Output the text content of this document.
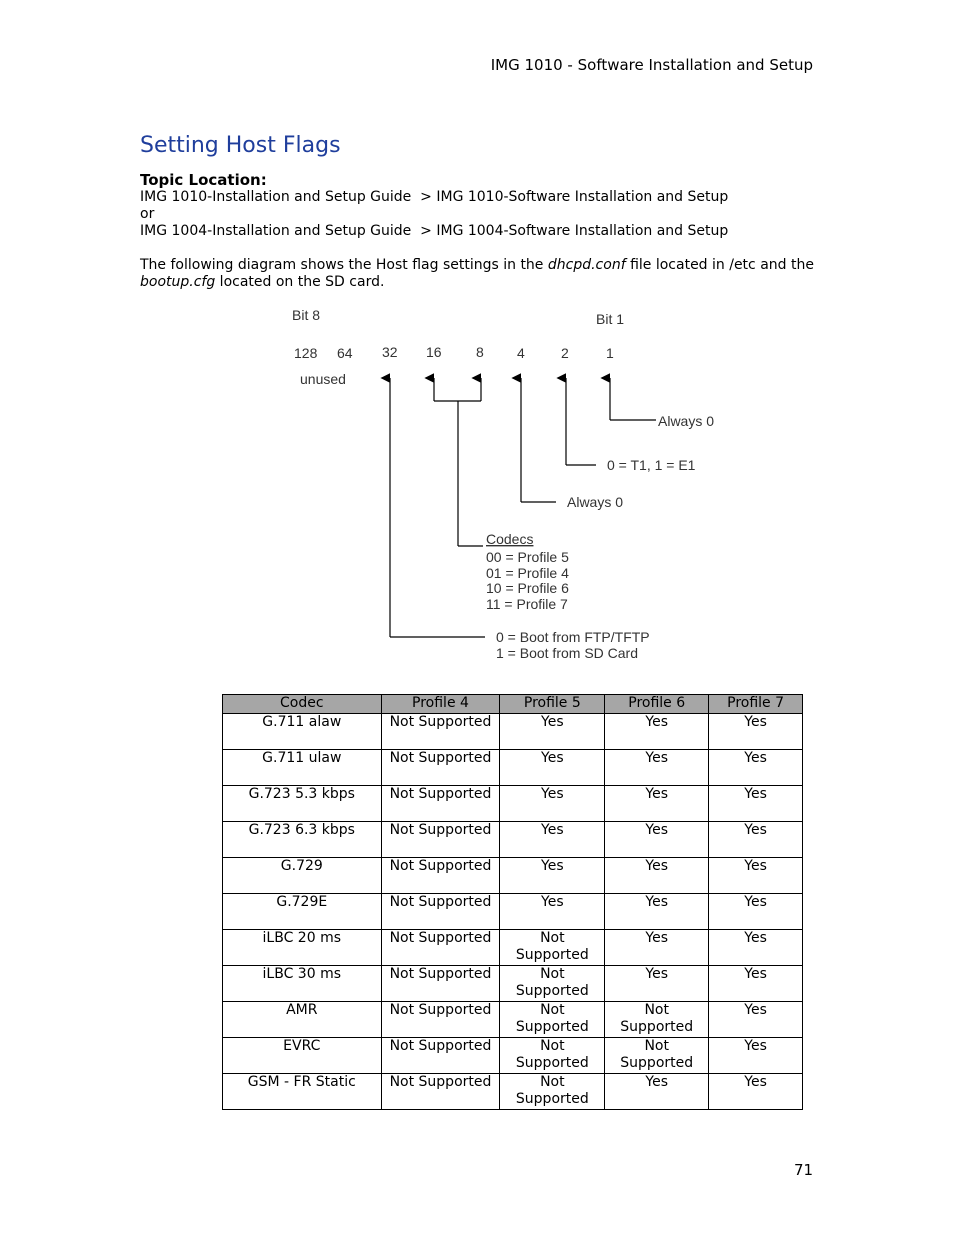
IMG 1010 - Software Installation and Setup
Setting Host Flags
Topic Location:
IMG 1010-Installation and Setup Guide  > IMG 1010-Software Installation and Setup
or
IMG 1004-Installation and Setup Guide  > IMG 1004-Software Installation and Setup
The following diagram shows the Host flag settings in the dhcpd.conf file located in /etc and the bootup.cfg located on the SD card.
Bit 8	Bit 1
128 64 32 16 8 4	2	1
unused
Always 0
0 = T1, 1 = E1
Always 0
Codecs
00 = Profile 5
01 = Profile 4
10 = Profile 6
11 = Profile 7
0 = Boot from FTP/TFTP
1 = Boot from SD Card
Codec	Profile 4	Profile 5	Profile 6	Profile 7
G.711 alaw	Not Supported	Yes	Yes	Yes
G.711 ulaw	Not Supported	Yes	Yes	Yes
G.723 5.3 kbps	Not Supported	Yes	Yes	Yes
G.723 6.3 kbps	Not Supported	Yes	Yes	Yes
G.729	Not Supported	Yes	Yes	Yes
G.729E	Not Supported	Yes	Yes	Yes
iLBC 20 ms	Not Supported	Not Supported	Yes	Yes
iLBC 30 ms	Not Supported	Not Supported	Yes	Yes
AMR	Not Supported	Not Supported	Not Supported	Yes
EVRC	Not Supported	Not Supported	Not Supported	Yes
GSM - FR Static	Not Supported	Not Supported	Yes	Yes
71
